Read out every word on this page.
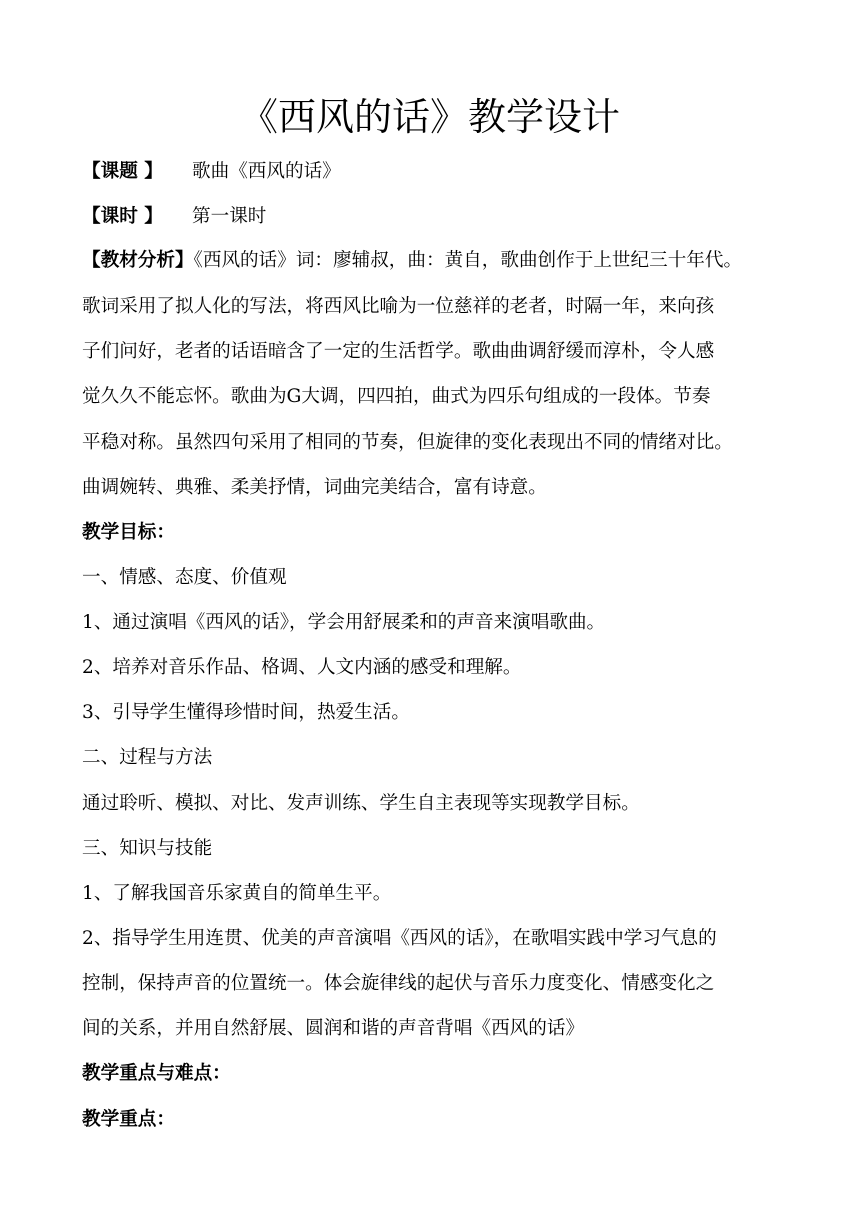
《西风的话》教学设计
【课题 】 歌曲《西风的话》
【课时 】 第一课时
【教材分析】《西风的话》词：廖辅叔，曲：黄自，歌曲创作于上世纪三十年代。
歌词采用了拟人化的写法，将西风比喻为一位慈祥的老者，时隔一年，来向孩
子们问好，老者的话语暗含了一定的生活哲学。歌曲曲调舒缓而淳朴，令人感
觉久久不能忘怀。歌曲为G大调，四四拍，曲式为四乐句组成的一段体。节奏
平稳对称。虽然四句采用了相同的节奏，但旋律的变化表现出不同的情绪对比。
曲调婉转、典雅、柔美抒情，词曲完美结合，富有诗意。
教学目标：
一、情感、态度、价值观
1、通过演唱《西风的话》，学会用舒展柔和的声音来演唱歌曲。
2、培养对音乐作品、格调、人文内涵的感受和理解。
3、引导学生懂得珍惜时间，热爱生活。
二、过程与方法
通过聆听、模拟、对比、发声训练、学生自主表现等实现教学目标。
三、知识与技能
1、了解我国音乐家黄自的简单生平。
2、指导学生用连贯、优美的声音演唱《西风的话》，在歌唱实践中学习气息的
控制，保持声音的位置统一。体会旋律线的起伏与音乐力度变化、情感变化之
间的关系，并用自然舒展、圆润和谐的声音背唱《西风的话》
教学重点与难点：
教学重点：
